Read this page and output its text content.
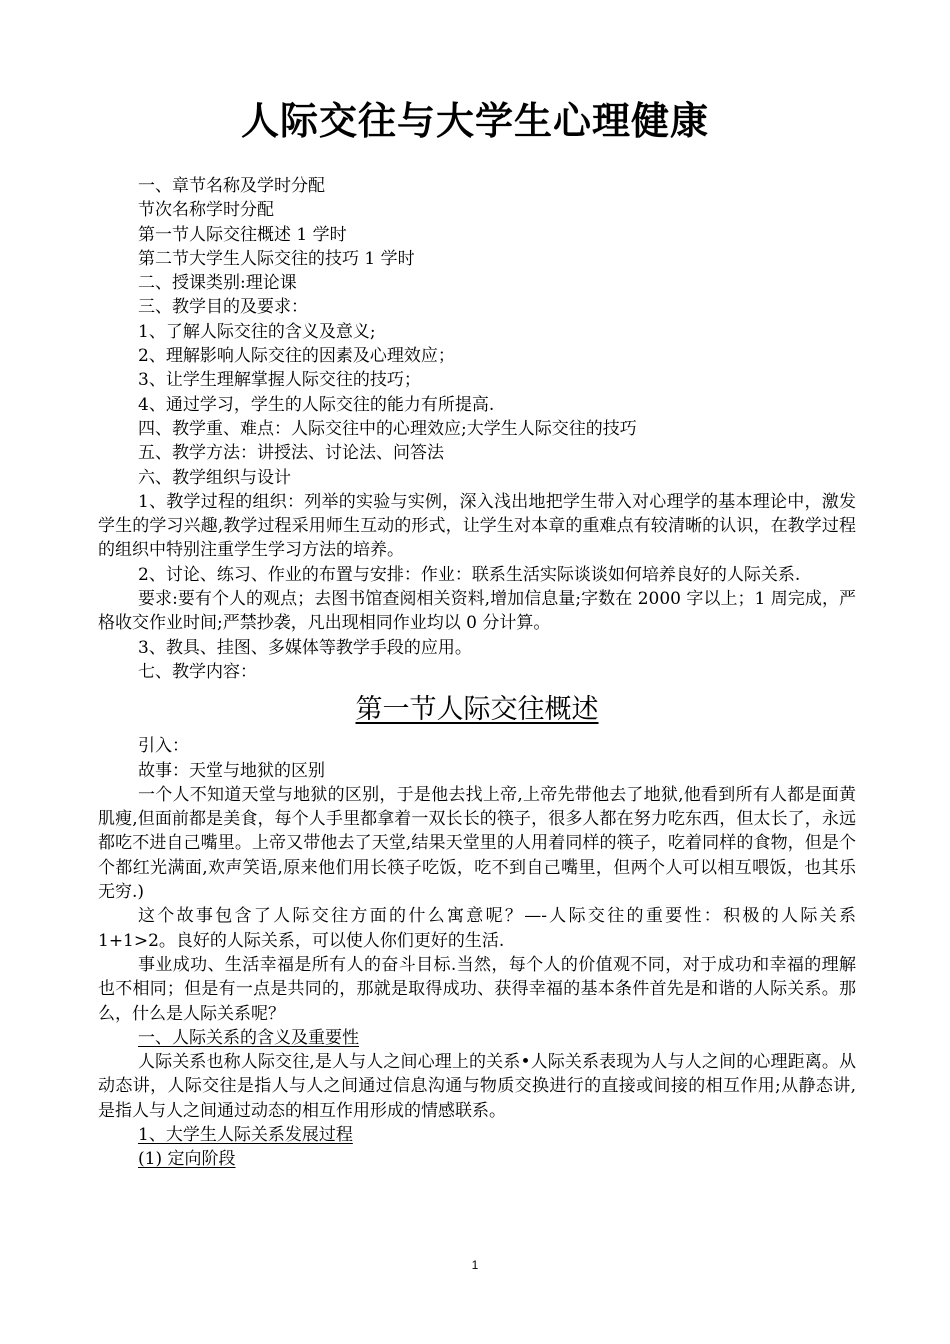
人际交往与大学生心理健康

一、章节名称及学时分配

节次名称学时分配

第一节人际交往概述 1 学时

第二节大学生人际交往的技巧 1 学时

二、授课类别:理论课

三、教学目的及要求：

1、了解人际交往的含义及意义;

2、理解影响人际交往的因素及心理效应；

3、让学生理解掌握人际交往的技巧；

4、通过学习，学生的人际交往的能力有所提高.

四、教学重、难点：人际交往中的心理效应;大学生人际交往的技巧

五、教学方法：讲授法、讨论法、问答法

六、教学组织与设计

1、教学过程的组织：列举的实验与实例，深入浅出地把学生带入对心理学的基本理论中，激发学生的学习兴趣,教学过程采用师生互动的形式，让学生对本章的重难点有较清晰的认识，在教学过程的组织中特别注重学生学习方法的培养。

2、讨论、练习、作业的布置与安排：作业：联系生活实际谈谈如何培养良好的人际关系.

要求:要有个人的观点；去图书馆查阅相关资料,增加信息量;字数在 2000 字以上；1 周完成，严格收交作业时间;严禁抄袭，凡出现相同作业均以 0 分计算。

3、教具、挂图、多媒体等教学手段的应用。

七、教学内容：

第一节人际交往概述

引入：

故事：天堂与地狱的区别

一个人不知道天堂与地狱的区别，于是他去找上帝,上帝先带他去了地狱,他看到所有人都是面黄肌瘦,但面前都是美食，每个人手里都拿着一双长长的筷子，很多人都在努力吃东西，但太长了，永远都吃不进自己嘴里。上帝又带他去了天堂,结果天堂里的人用着同样的筷子，吃着同样的食物，但是个个都红光满面,欢声笑语,原来他们用长筷子吃饭，吃不到自己嘴里，但两个人可以相互喂饭，也其乐无穷.)

这个故事包含了人际交往方面的什么寓意呢？—-人际交往的重要性：积极的人际关系 1+1>2。良好的人际关系，可以使人你们更好的生活.

事业成功、生活幸福是所有人的奋斗目标.当然，每个人的价值观不同，对于成功和幸福的理解也不相同；但是有一点是共同的，那就是取得成功、获得幸福的基本条件首先是和谐的人际关系。那么，什么是人际关系呢？

一、人际关系的含义及重要性

人际关系也称人际交往,是人与人之间心理上的关系•人际关系表现为人与人之间的心理距离。从动态讲，人际交往是指人与人之间通过信息沟通与物质交换进行的直接或间接的相互作用;从静态讲,是指人与人之间通过动态的相互作用形成的情感联系。

1、大学生人际关系发展过程

(1) 定向阶段

1
